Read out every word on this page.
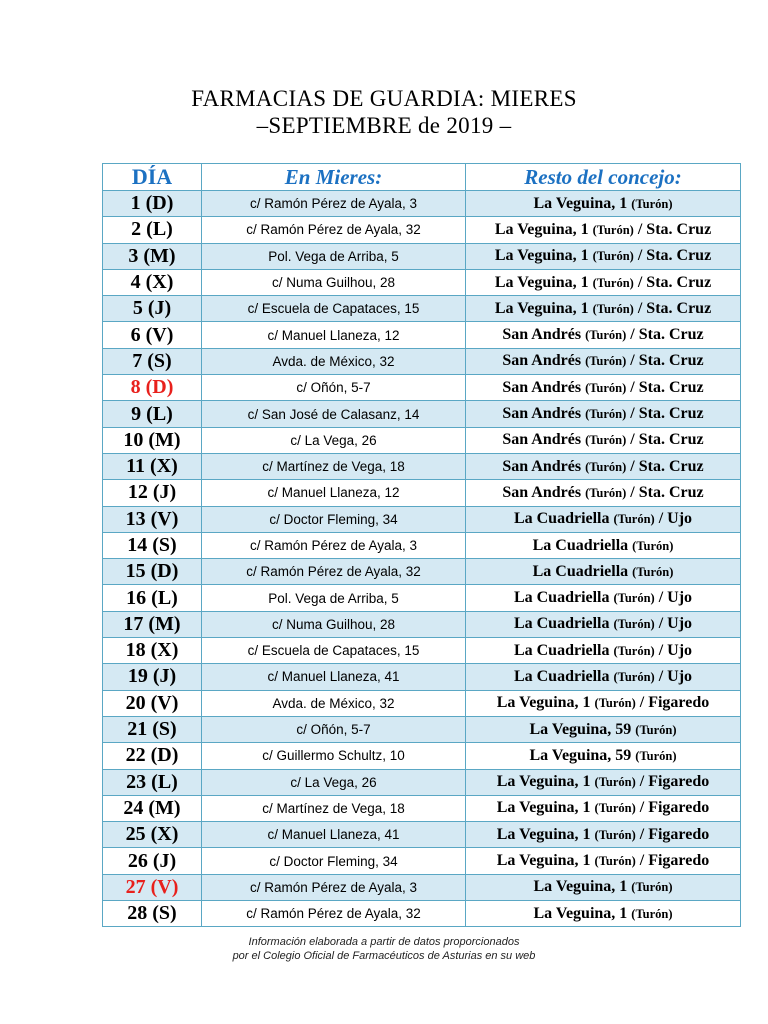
FARMACIAS DE GUARDIA: MIERES
–SEPTIEMBRE de 2019 –
DÍA	En Mieres:	Resto del concejo:
1 (D)	c/ Ramón Pérez de Ayala, 3	La Veguina, 1 (Turón)
2 (L)	c/ Ramón Pérez de Ayala, 32	La Veguina, 1 (Turón) / Sta. Cruz
3 (M)	Pol. Vega de Arriba, 5	La Veguina, 1 (Turón) / Sta. Cruz
4 (X)	c/ Numa Guilhou, 28	La Veguina, 1 (Turón) / Sta. Cruz
5 (J)	c/ Escuela de Capataces, 15	La Veguina, 1 (Turón) / Sta. Cruz
6 (V)	c/ Manuel Llaneza, 12	San Andrés (Turón) / Sta. Cruz
7 (S)	Avda. de México, 32	San Andrés (Turón) / Sta. Cruz
8 (D)	c/ Oñón, 5-7	San Andrés (Turón) / Sta. Cruz
9 (L)	c/ San José de Calasanz, 14	San Andrés (Turón) / Sta. Cruz
10 (M)	c/ La Vega, 26	San Andrés (Turón) / Sta. Cruz
11 (X)	c/ Martínez de Vega, 18	San Andrés (Turón) / Sta. Cruz
12 (J)	c/ Manuel Llaneza, 12	San Andrés (Turón) / Sta. Cruz
13 (V)	c/ Doctor Fleming, 34	La Cuadriella (Turón) / Ujo
14 (S)	c/ Ramón Pérez de Ayala, 3	La Cuadriella (Turón)
15 (D)	c/ Ramón Pérez de Ayala, 32	La Cuadriella (Turón)
16 (L)	Pol. Vega de Arriba, 5	La Cuadriella (Turón) / Ujo
17 (M)	c/ Numa Guilhou, 28	La Cuadriella (Turón) / Ujo
18 (X)	c/ Escuela de Capataces, 15	La Cuadriella (Turón) / Ujo
19 (J)	c/ Manuel Llaneza, 41	La Cuadriella (Turón) / Ujo
20 (V)	Avda. de México, 32	La Veguina, 1 (Turón) / Figaredo
21 (S)	c/ Oñón, 5-7	La Veguina, 59 (Turón)
22 (D)	c/ Guillermo Schultz, 10	La Veguina, 59 (Turón)
23 (L)	c/ La Vega, 26	La Veguina, 1 (Turón) / Figaredo
24 (M)	c/ Martínez de Vega, 18	La Veguina, 1 (Turón) / Figaredo
25 (X)	c/ Manuel Llaneza, 41	La Veguina, 1 (Turón) / Figaredo
26 (J)	c/ Doctor Fleming, 34	La Veguina, 1 (Turón) / Figaredo
27 (V)	c/ Ramón Pérez de Ayala, 3	La Veguina, 1 (Turón)
28 (S)	c/ Ramón Pérez de Ayala, 32	La Veguina, 1 (Turón)
Información elaborada a partir de datos proporcionados
por el Colegio Oficial de Farmacéuticos de Asturias en su web
